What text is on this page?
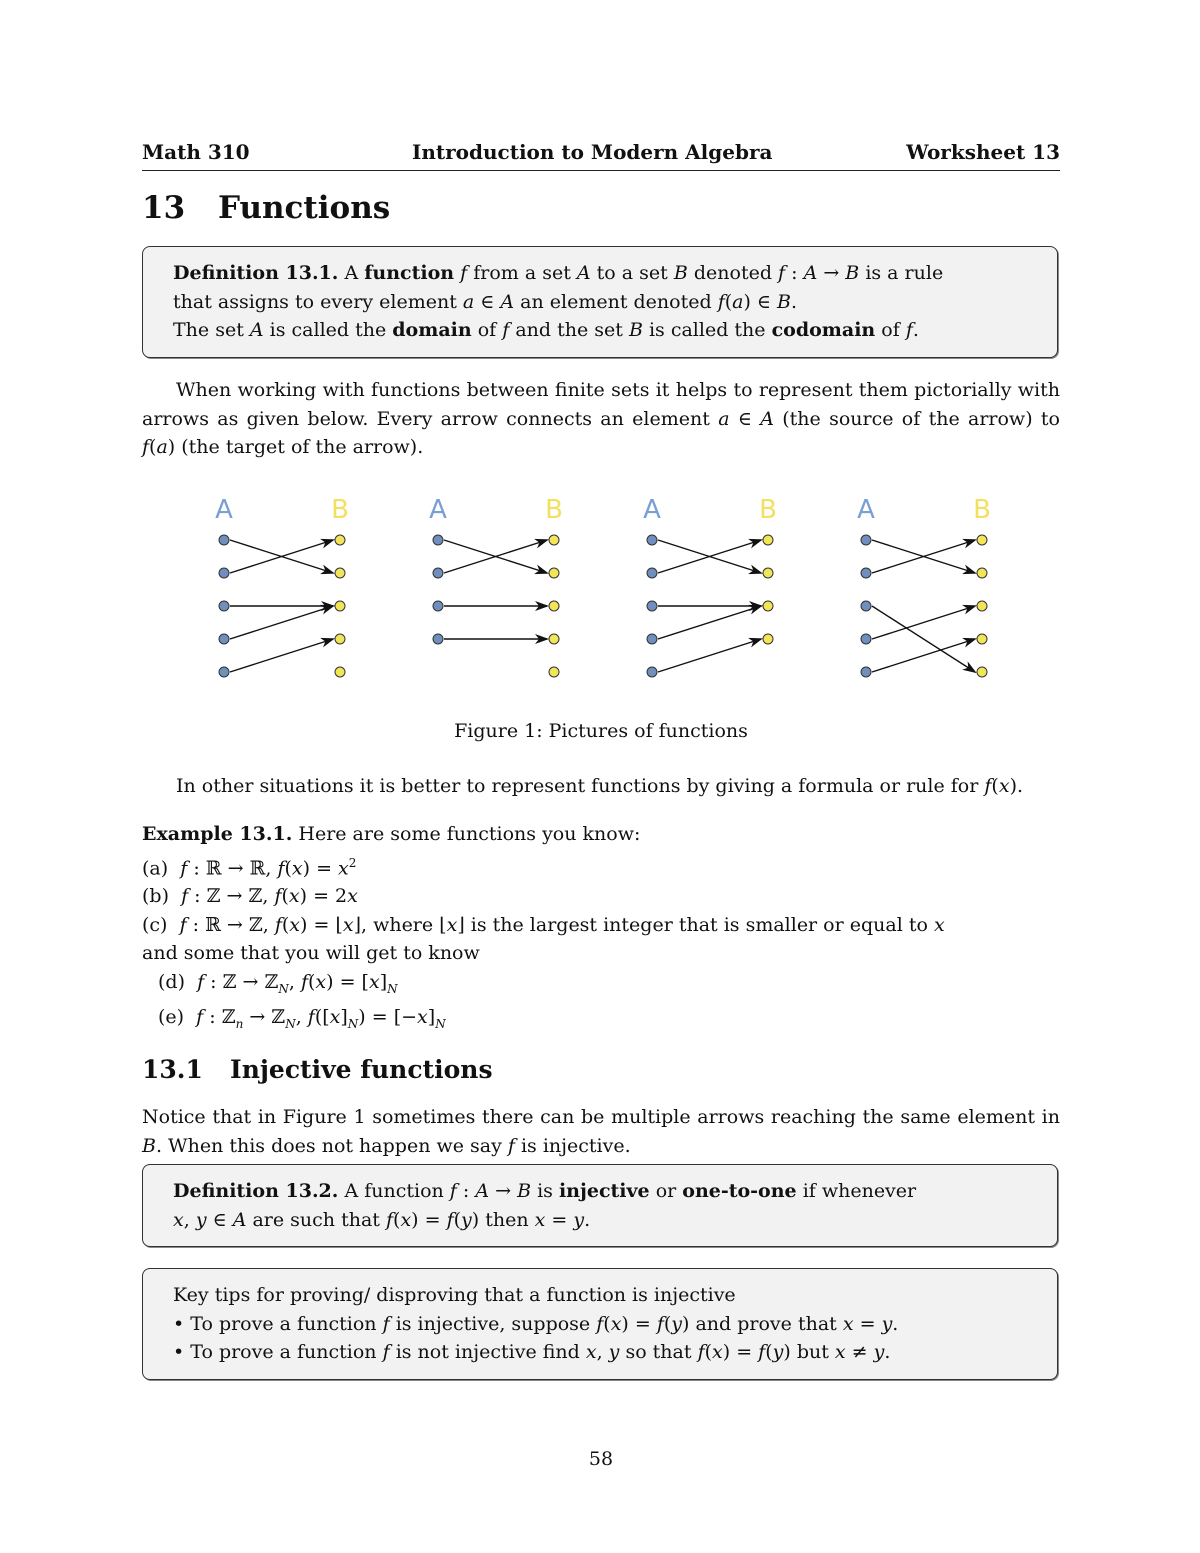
Math 310	Introduction to Modern Algebra	Worksheet 13
13 Functions
Definition 13.1. A function f from a set A to a set B denoted f : A → B is a rule
that assigns to every element a ∈ A an element denoted f(a) ∈ B.
The set A is called the domain of f and the set B is called the codomain of f.
When working with functions between finite sets it helps to represent them pictorially with arrows as given below. Every arrow connects an element a ∈ A (the source of the arrow) to f(a) (the target of the arrow).
A	B	A	B	A	B	A	B
Figure 1: Pictures of functions
In other situations it is better to represent functions by giving a formula or rule for f(x).
Example 13.1. Here are some functions you know:
(a) f : ℝ → ℝ, $f(x) = x^2$
(b) f : ℤ → ℤ, f(x) = 2x
(c) f : ℝ → ℤ, f(x) = ⌊x⌋, where ⌊x⌋ is the largest integer that is smaller or equal to x
and some that you will get to know
(d) f : ℤ → ℤ$_N$, $f(x) = [x]_N$
(e) f : ℤ$_n$ → ℤ$_N$, $f([x]_N) = [-x]_N$
13.1 Injective functions
Notice that in Figure 1 sometimes there can be multiple arrows reaching the same element in B. When this does not happen we say f is injective.
Definition 13.2. A function f : A → B is injective or one-to-one if whenever
x, y ∈ A are such that f(x) = f(y) then x = y.
Key tips for proving/ disproving that a function is injective
• To prove a function f is injective, suppose f(x) = f(y) and prove that x = y.
• To prove a function f is not injective find x, y so that f(x) = f(y) but x ≠ y.
58
